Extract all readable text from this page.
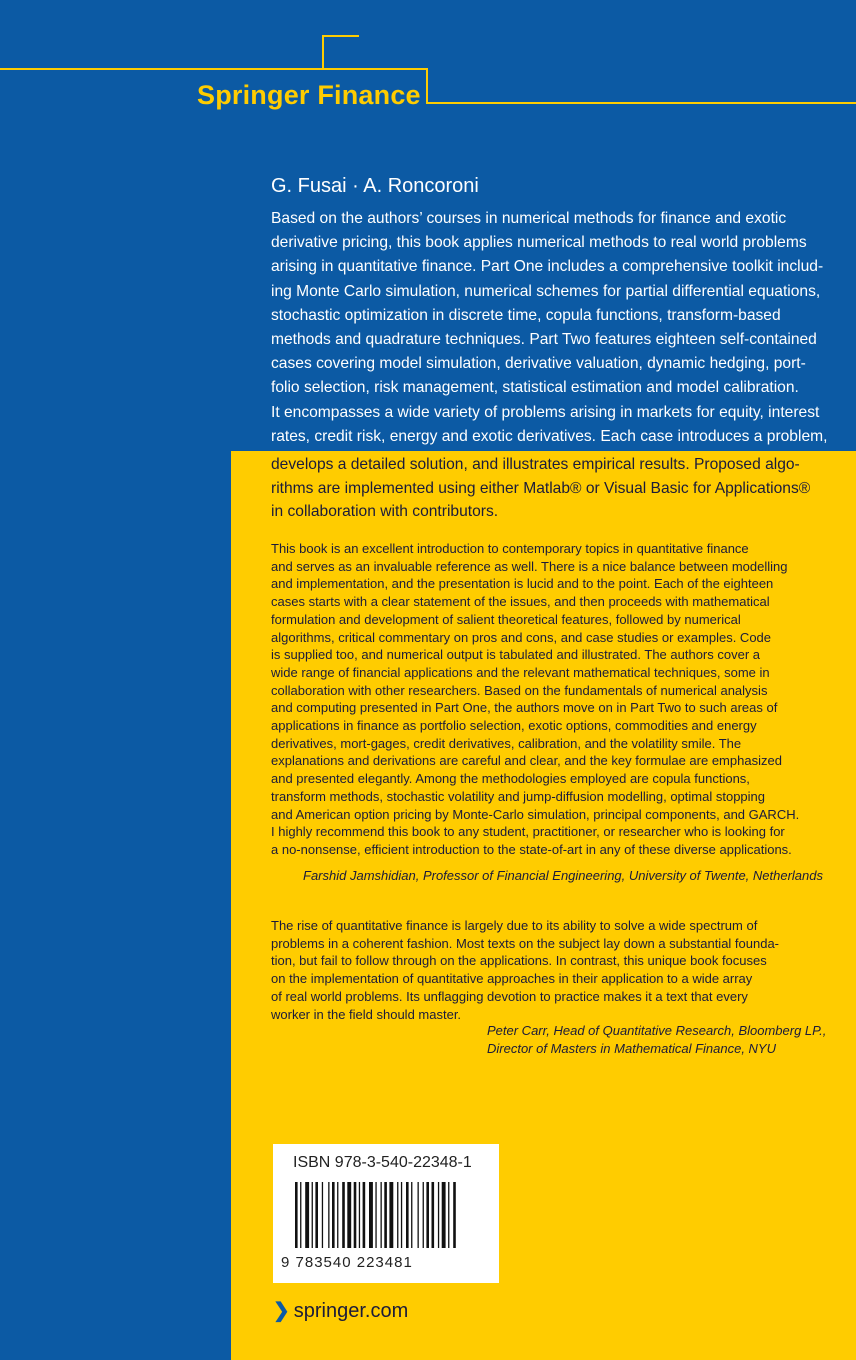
Springer Finance
G. Fusai · A. Roncoroni

Based on the authors’ courses in numerical methods for finance and exotic
derivative pricing, this book applies numerical methods to real world problems
arising in quantitative finance. Part One includes a comprehensive toolkit includ-
ing Monte Carlo simulation, numerical schemes for partial differential equations,
stochastic optimization in discrete time, copula functions, transform-based
methods and quadrature techniques. Part Two features eighteen self-contained
cases covering model simulation, derivative valuation, dynamic hedging, port-
folio selection, risk management, statistical estimation and model calibration.
It encompasses a wide variety of problems arising in markets for equity, interest
rates, credit risk, energy and exotic derivatives. Each case introduces a problem,

develops a detailed solution, and illustrates empirical results. Proposed algo-
rithms are implemented using either Matlab® or Visual Basic for Applications®
in collaboration with contributors.

This book is an excellent introduction to contemporary topics in quantitative finance
and serves as an invaluable reference as well. There is a nice balance between modelling
and implementation, and the presentation is lucid and to the point. Each of the eighteen
cases starts with a clear statement of the issues, and then proceeds with mathematical
formulation and development of salient theoretical features, followed by numerical
algorithms, critical commentary on pros and cons, and case studies or examples. Code
is supplied too, and numerical output is tabulated and illustrated. The authors cover a
wide range of financial applications and the relevant mathematical techniques, some in
collaboration with other researchers. Based on the fundamentals of numerical analysis
and computing presented in Part One, the authors move on in Part Two to such areas of
applications in finance as portfolio selection, exotic options, commodities and energy
derivatives, mort-gages, credit derivatives, calibration, and the volatility smile. The
explanations and derivations are careful and clear, and the key formulae are emphasized
and presented elegantly. Among the methodologies employed are copula functions,
transform methods, stochastic volatility and jump-diffusion modelling, optimal stopping
and American option pricing by Monte-Carlo simulation, principal components, and GARCH.
I highly recommend this book to any student, practitioner, or researcher who is looking for
a no-nonsense, efficient introduction to the state-of-art in any of these diverse applications.

Farshid Jamshidian, Professor of Financial Engineering, University of Twente, Netherlands

The rise of quantitative finance is largely due to its ability to solve a wide spectrum of
problems in a coherent fashion. Most texts on the subject lay down a substantial founda-
tion, but fail to follow through on the applications. In contrast, this unique book focuses
on the implementation of quantitative approaches in their application to a wide array
of real world problems. Its unflagging devotion to practice makes it a text that every
worker in the field should master.

Peter Carr, Head of Quantitative Research, Bloomberg LP.,
Director of Masters in Mathematical Finance, NYU
ISBN 978-3-540-22348-1
9 783540 223481
❯ springer.com
